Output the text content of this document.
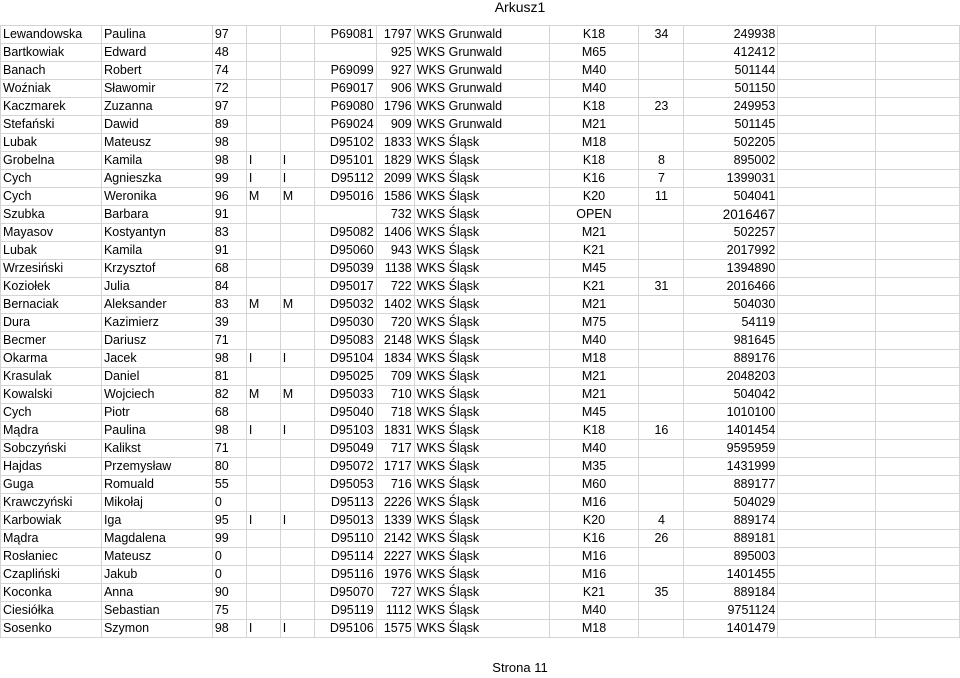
Arkusz1
Lewandowska	Paulina	97			P69081	1797	WKS Grunwald	K18	34	249938		
Bartkowiak	Edward	48				925	WKS Grunwald	M65		412412		
Banach	Robert	74			P69099	927	WKS Grunwald	M40		501144		
Woźniak	Sławomir	72			P69017	906	WKS Grunwald	M40		501150		
Kaczmarek	Zuzanna	97			P69080	1796	WKS Grunwald	K18	23	249953		
Stefański	Dawid	89			P69024	909	WKS Grunwald	M21		501145		
Lubak	Mateusz	98			D95102	1833	WKS Śląsk	M18		502205		
Grobelna	Kamila	98	I	I	D95101	1829	WKS Śląsk	K18	8	895002		
Cych	Agnieszka	99	I	I	D95112	2099	WKS Śląsk	K16	7	1399031		
Cych	Weronika	96	M	M	D95016	1586	WKS Śląsk	K20	11	504041		
Szubka	Barbara	91				732	WKS Śląsk	OPEN		2016467		
Mayasov	Kostyantyn	83			D95082	1406	WKS Śląsk	M21		502257		
Lubak	Kamila	91			D95060	943	WKS Śląsk	K21		2017992		
Wrzesiński	Krzysztof	68			D95039	1138	WKS Śląsk	M45		1394890		
Koziołek	Julia	84			D95017	722	WKS Śląsk	K21	31	2016466		
Bernaciak	Aleksander	83	M	M	D95032	1402	WKS Śląsk	M21		504030		
Dura	Kazimierz	39			D95030	720	WKS Śląsk	M75		54119		
Becmer	Dariusz	71			D95083	2148	WKS Śląsk	M40		981645		
Okarma	Jacek	98	I	I	D95104	1834	WKS Śląsk	M18		889176		
Krasulak	Daniel	81			D95025	709	WKS Śląsk	M21		2048203		
Kowalski	Wojciech	82	M	M	D95033	710	WKS Śląsk	M21		504042		
Cych	Piotr	68			D95040	718	WKS Śląsk	M45		1010100		
Mądra	Paulina	98	I	I	D95103	1831	WKS Śląsk	K18	16	1401454		
Sobczyński	Kalikst	71			D95049	717	WKS Śląsk	M40		9595959		
Hajdas	Przemysław	80			D95072	1717	WKS Śląsk	M35		1431999		
Guga	Romuald	55			D95053	716	WKS Śląsk	M60		889177		
Krawczyński	Mikołaj	0			D95113	2226	WKS Śląsk	M16		504029		
Karbowiak	Iga	95	I	I	D95013	1339	WKS Śląsk	K20	4	889174		
Mądra	Magdalena	99			D95110	2142	WKS Śląsk	K16	26	889181		
Rosłaniec	Mateusz	0			D95114	2227	WKS Śląsk	M16		895003		
Czapliński	Jakub	0			D95116	1976	WKS Śląsk	M16		1401455		
Koconka	Anna	90			D95070	727	WKS Śląsk	K21	35	889184		
Ciesiółka	Sebastian	75			D95119	1112	WKS Śląsk	M40		9751124		
Sosenko	Szymon	98	I	I	D95106	1575	WKS Śląsk	M18		1401479		
Strona 11
